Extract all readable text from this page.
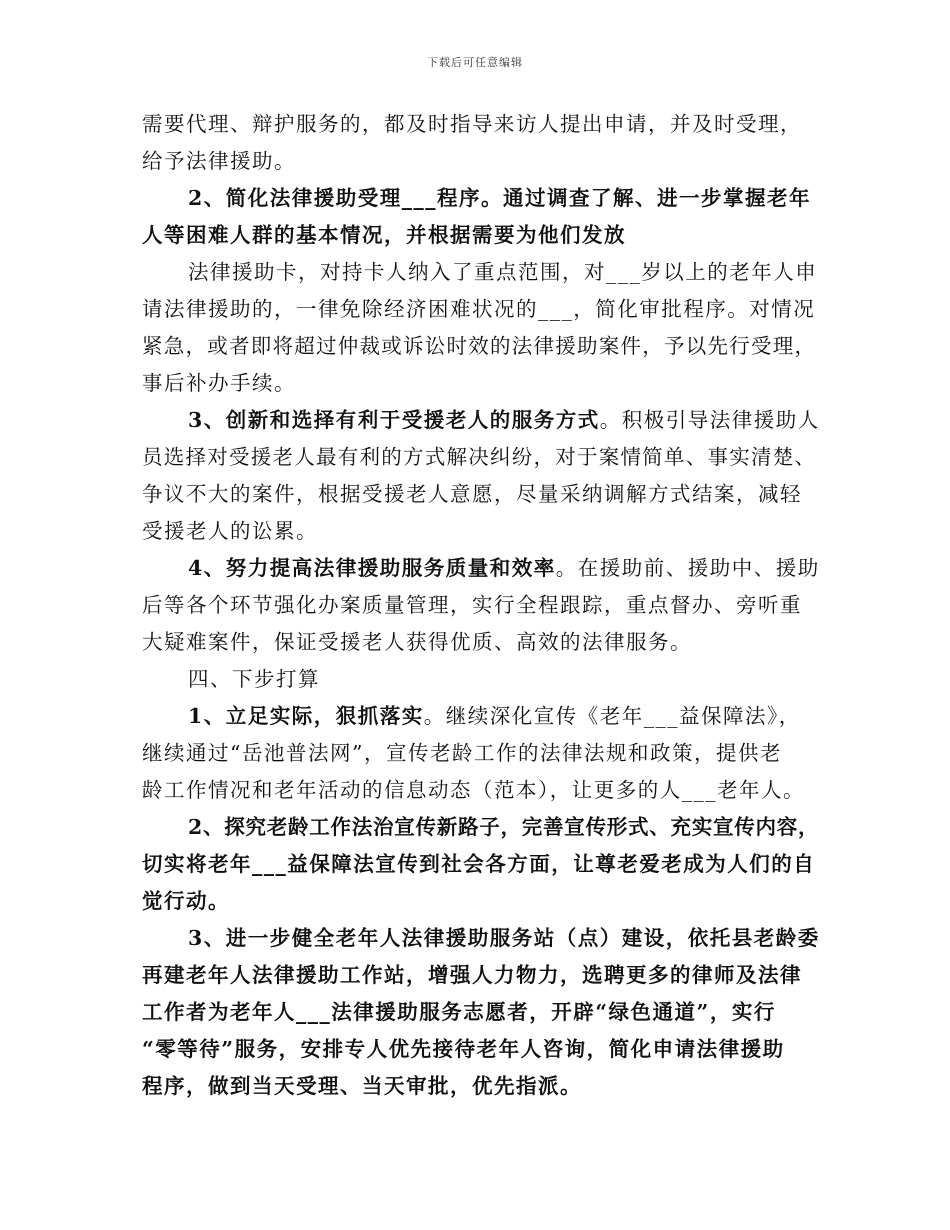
下载后可任意编辑
需要代理、辩护服务的，都及时指导来访人提出申请，并及时受理，
给予法律援助。
2、简化法律援助受理___程序。通过调查了解、进一步掌握老年
人等困难人群的基本情况，并根据需要为他们发放
法律援助卡，对持卡人纳入了重点范围，对___岁以上的老年人申
请法律援助的，一律免除经济困难状况的___，简化审批程序。对情况
紧急，或者即将超过仲裁或诉讼时效的法律援助案件，予以先行受理，
事后补办手续。
3、创新和选择有利于受援老人的服务方式。积极引导法律援助人
员选择对受援老人最有利的方式解决纠纷，对于案情简单、事实清楚、
争议不大的案件，根据受援老人意愿，尽量采纳调解方式结案，减轻
受援老人的讼累。
4、努力提高法律援助服务质量和效率。在援助前、援助中、援助
后等各个环节强化办案质量管理，实行全程跟踪，重点督办、旁听重
大疑难案件，保证受援老人获得优质、高效的法律服务。
四、下步打算
1、立足实际，狠抓落实。继续深化宣传《老年___益保障法》，
继续通过“岳池普法网”，宣传老龄工作的法律法规和政策，提供老
龄工作情况和老年活动的信息动态（范本），让更多的人___老年人。
2、探究老龄工作法治宣传新路子，完善宣传形式、充实宣传内容，
切实将老年___益保障法宣传到社会各方面，让尊老爱老成为人们的自
觉行动。
3、进一步健全老年人法律援助服务站（点）建设，依托县老龄委
再建老年人法律援助工作站，增强人力物力，选聘更多的律师及法律
工作者为老年人___法律援助服务志愿者，开辟“绿色通道”，实行
“零等待”服务，安排专人优先接待老年人咨询，简化申请法律援助
程序，做到当天受理、当天审批，优先指派。
